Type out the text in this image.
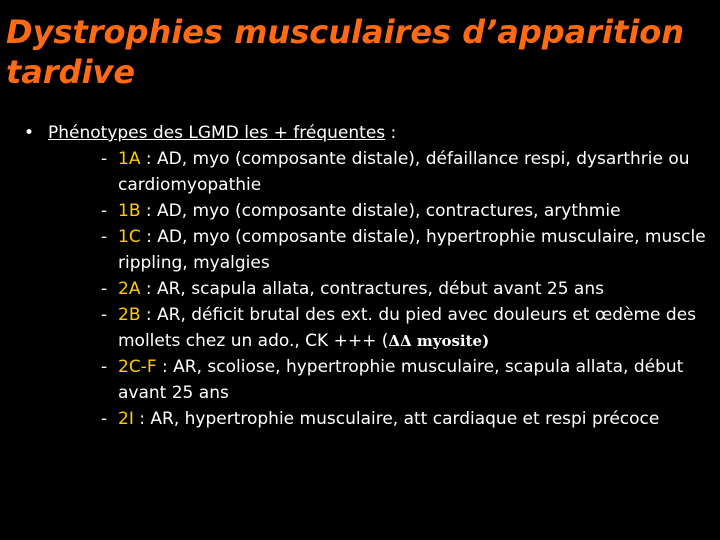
Dystrophies musculaires d’apparition tardive
• Phénotypes des LGMD les + fréquentes :
- 1A : AD, myo (composante distale), défaillance respi, dysarthrie ou cardiomyopathie
- 1B : AD, myo (composante distale), contractures, arythmie
- 1C : AD, myo (composante distale), hypertrophie musculaire, muscle rippling, myalgies
- 2A : AR, scapula allata, contractures, début avant 25 ans
- 2B : AR, déficit brutal des ext. du pied avec douleurs et œdème des mollets chez un ado., CK +++ (ΔΔ myosite)
- 2C-F : AR, scoliose, hypertrophie musculaire, scapula allata, début avant 25 ans
- 2I : AR, hypertrophie musculaire, att cardiaque et respi précoce
